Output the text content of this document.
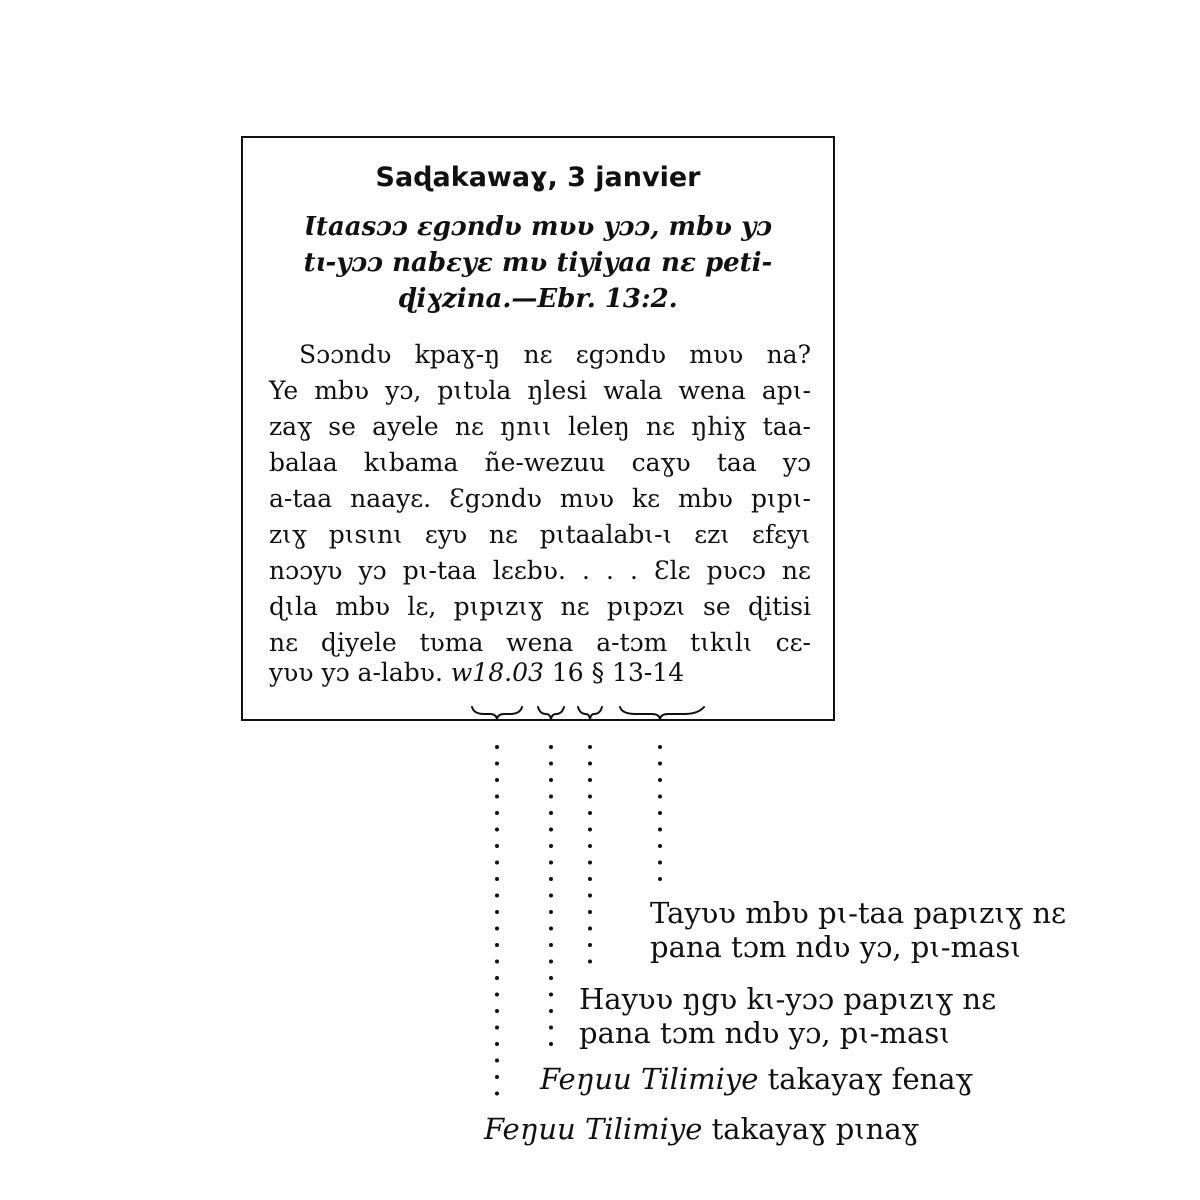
Saɖakawaɣ, 3 janvier
Ɩtaasɔɔ ɛgɔndʋ mʋʋ yɔɔ, mbʋ yɔ
tɩ-yɔɔ nabɛyɛ mʋ tiyiyaa nɛ peti-
ɖiɣzina.—Ebr. 13:2.
Sɔɔndʋ kpaɣ-ŋ nɛ ɛgɔndʋ mʋʋ na?
Ye mbʋ yɔ, pɩtʋla ŋlesi wala wena apɩ-
zaɣ se ayele nɛ ŋnɩɩ leleŋ nɛ ŋhiɣ taa-
balaa kɩbama ñe-wezuu caɣʋ taa yɔ
a-taa naayɛ. Ɛgɔndʋ mʋʋ kɛ mbʋ pɩpɩ-
zɩɣ pɩsɩnɩ ɛyʋ nɛ pɩtaalabɩ-ɩ ɛzɩ ɛfɛyɩ
nɔɔyʋ yɔ pɩ-taa lɛɛbʋ. . . . Ɛlɛ pʋcɔ nɛ
ɖɩla mbʋ lɛ, pɩpɩzɩɣ nɛ pɩpɔzɩ se ɖitisi
nɛ ɖiyele tʋma wena a-tɔm tɩkɩlɩ cɛ-
yʋʋ yɔ a-labʋ. w18.03 16 § 13-14
Tayʋʋ mbʋ pɩ-taa papɩzɩɣ nɛ
pana tɔm ndʋ yɔ, pɩ-masɩ
Hayʋʋ ŋgʋ kɩ-yɔɔ papɩzɩɣ nɛ
pana tɔm ndʋ yɔ, pɩ-masɩ
Feŋuu Tilimiye takayaɣ fenaɣ
Feŋuu Tilimiye takayaɣ pɩnaɣ
